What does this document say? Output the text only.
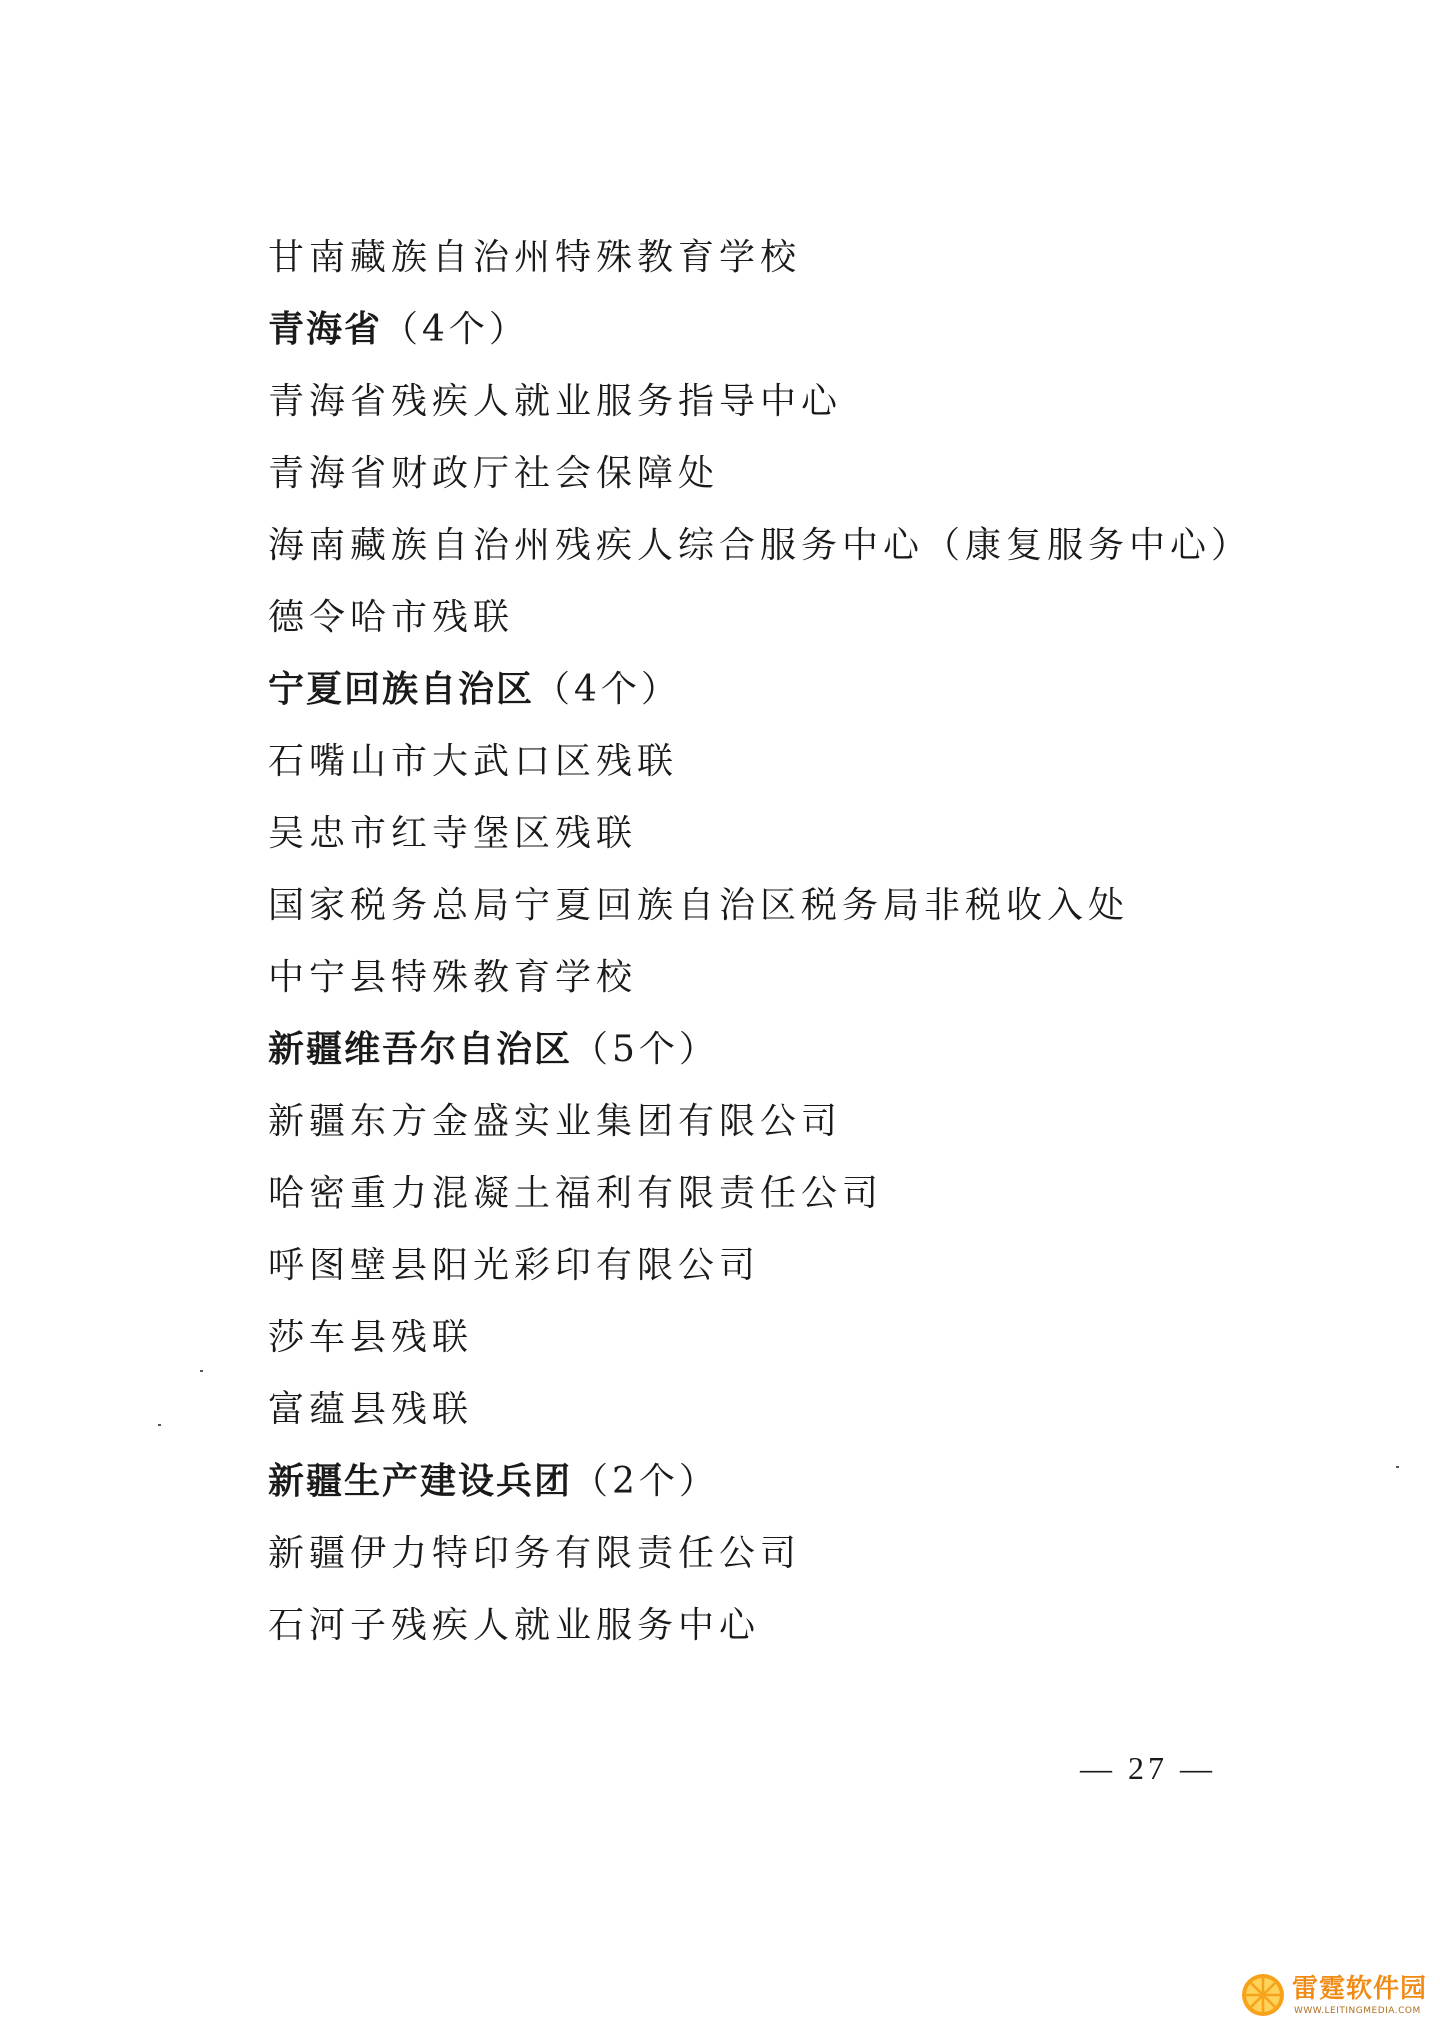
甘南藏族自治州特殊教育学校
青海省（4个）
青海省残疾人就业服务指导中心
青海省财政厅社会保障处
海南藏族自治州残疾人综合服务中心（康复服务中心）
德令哈市残联
宁夏回族自治区（4个）
石嘴山市大武口区残联
吴忠市红寺堡区残联
国家税务总局宁夏回族自治区税务局非税收入处
中宁县特殊教育学校
新疆维吾尔自治区（5个）
新疆东方金盛实业集团有限公司
哈密重力混凝土福利有限责任公司
呼图壁县阳光彩印有限公司
莎车县残联
富蕴县残联
新疆生产建设兵团（2个）
新疆伊力特印务有限责任公司
石河子残疾人就业服务中心
— 27 —
雷霆软件园
WWW.LEITINGMEDIA.COM
